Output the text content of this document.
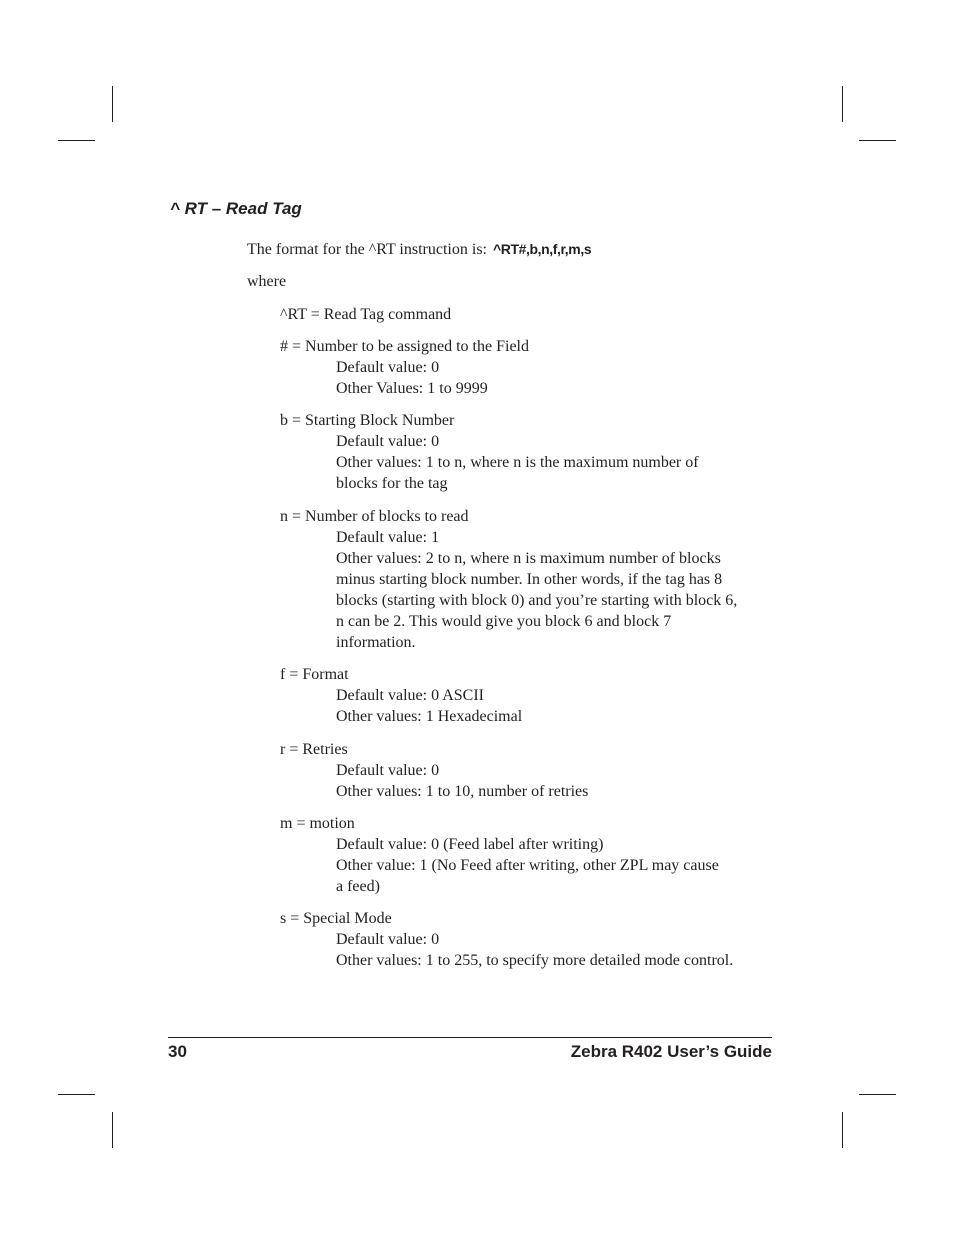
^ RT – Read Tag
The format for the ^RT instruction is: ^RT#,b,n,f,r,m,s
where
^RT = Read Tag command
# = Number to be assigned to the Field
Default value: 0
Other Values: 1 to 9999
b = Starting Block Number
Default value: 0
Other values: 1 to n, where n is the maximum number of
blocks for the tag
n = Number of blocks to read
Default value: 1
Other values: 2 to n, where n is maximum number of blocks
minus starting block number. In other words, if the tag has 8
blocks (starting with block 0) and you’re starting with block 6,
n can be 2. This would give you block 6 and block 7
information.
f = Format
Default value: 0 ASCII
Other values: 1 Hexadecimal
r = Retries
Default value: 0
Other values: 1 to 10, number of retries
m = motion
Default value: 0 (Feed label after writing)
Other value: 1 (No Feed after writing, other ZPL may cause
a feed)
s = Special Mode
Default value: 0
Other values: 1 to 255, to specify more detailed mode control.
30	Zebra R402 User’s Guide
